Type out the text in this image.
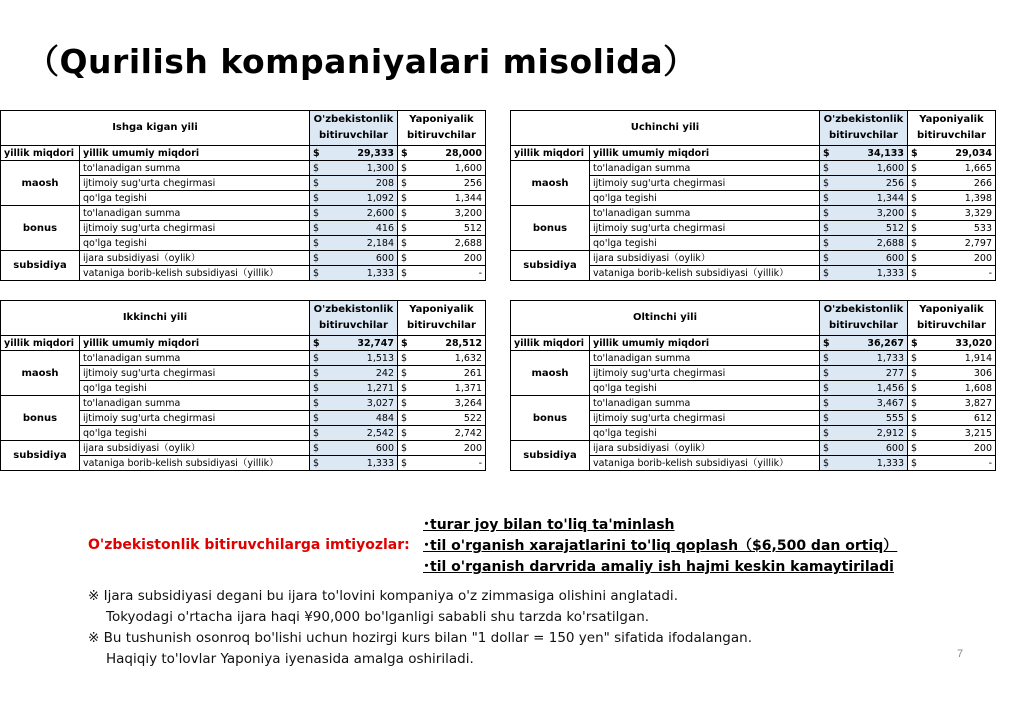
（Qurilish kompaniyalari misolida）
Ishga kigan yili		O'zbekistonlik bitiruvchilar		Yaponiyalik bitiruvchilar	
yillik miqdori	yillik umumiy miqdori	$	29,333	$	28,000
maosh	to'lanadigan summa	$	1,300	$	1,600
	ijtimoiy sug'urta chegirmasi	$	208	$	256
	qo'lga tegishi	$	1,092	$	1,344
bonus	to'lanadigan summa	$	2,600	$	3,200
	ijtimoiy sug'urta chegirmasi	$	416	$	512
	qo'lga tegishi	$	2,184	$	2,688
subsidiya	ijara subsidiyasi（oylik）	$	600	$	200
	vataniga borib-kelish subsidiyasi（yillik）	$	1,333	$	-
Uchinchi yili		O'zbekistonlik bitiruvchilar		Yaponiyalik bitiruvchilar	
yillik miqdori	yillik umumiy miqdori	$	34,133	$	29,034
maosh	to'lanadigan summa	$	1,600	$	1,665
	ijtimoiy sug'urta chegirmasi	$	256	$	266
	qo'lga tegishi	$	1,344	$	1,398
bonus	to'lanadigan summa	$	3,200	$	3,329
	ijtimoiy sug'urta chegirmasi	$	512	$	533
	qo'lga tegishi	$	2,688	$	2,797
subsidiya	ijara subsidiyasi（oylik）	$	600	$	200
	vataniga borib-kelish subsidiyasi（yillik）	$	1,333	$	-
Ikkinchi yili		O'zbekistonlik bitiruvchilar		Yaponiyalik bitiruvchilar	
yillik miqdori	yillik umumiy miqdori	$	32,747	$	28,512
maosh	to'lanadigan summa	$	1,513	$	1,632
	ijtimoiy sug'urta chegirmasi	$	242	$	261
	qo'lga tegishi	$	1,271	$	1,371
bonus	to'lanadigan summa	$	3,027	$	3,264
	ijtimoiy sug'urta chegirmasi	$	484	$	522
	qo'lga tegishi	$	2,542	$	2,742
subsidiya	ijara subsidiyasi（oylik）	$	600	$	200
	vataniga borib-kelish subsidiyasi（yillik）	$	1,333	$	-
Oltinchi yili		O'zbekistonlik bitiruvchilar		Yaponiyalik bitiruvchilar	
yillik miqdori	yillik umumiy miqdori	$	36,267	$	33,020
maosh	to'lanadigan summa	$	1,733	$	1,914
	ijtimoiy sug'urta chegirmasi	$	277	$	306
	qo'lga tegishi	$	1,456	$	1,608
bonus	to'lanadigan summa	$	3,467	$	3,827
	ijtimoiy sug'urta chegirmasi	$	555	$	612
	qo'lga tegishi	$	2,912	$	3,215
subsidiya	ijara subsidiyasi（oylik）	$	600	$	200
	vataniga borib-kelish subsidiyasi（yillik）	$	1,333	$	-
O'zbekistonlik bitiruvchilarga imtiyozlar:
･turar joy bilan to'liq ta'minlash
･til o'rganish xarajatlarini to'liq qoplash（$6,500 dan ortiq）
･til o'rganish darvrida amaliy ish hajmi keskin kamaytiriladi
※ Ijara subsidiyasi degani bu ijara to'lovini kompaniya o'z zimmasiga olishini anglatadi.
Tokyodagi o'rtacha ijara haqi ¥90,000 bo'lganligi sababli shu tarzda ko'rsatilgan.
※ Bu tushunish osonroq bo'lishi uchun hozirgi kurs bilan "1 dollar = 150 yen" sifatida ifodalangan.
Haqiqiy to'lovlar Yaponiya iyenasida amalga oshiriladi.	7
